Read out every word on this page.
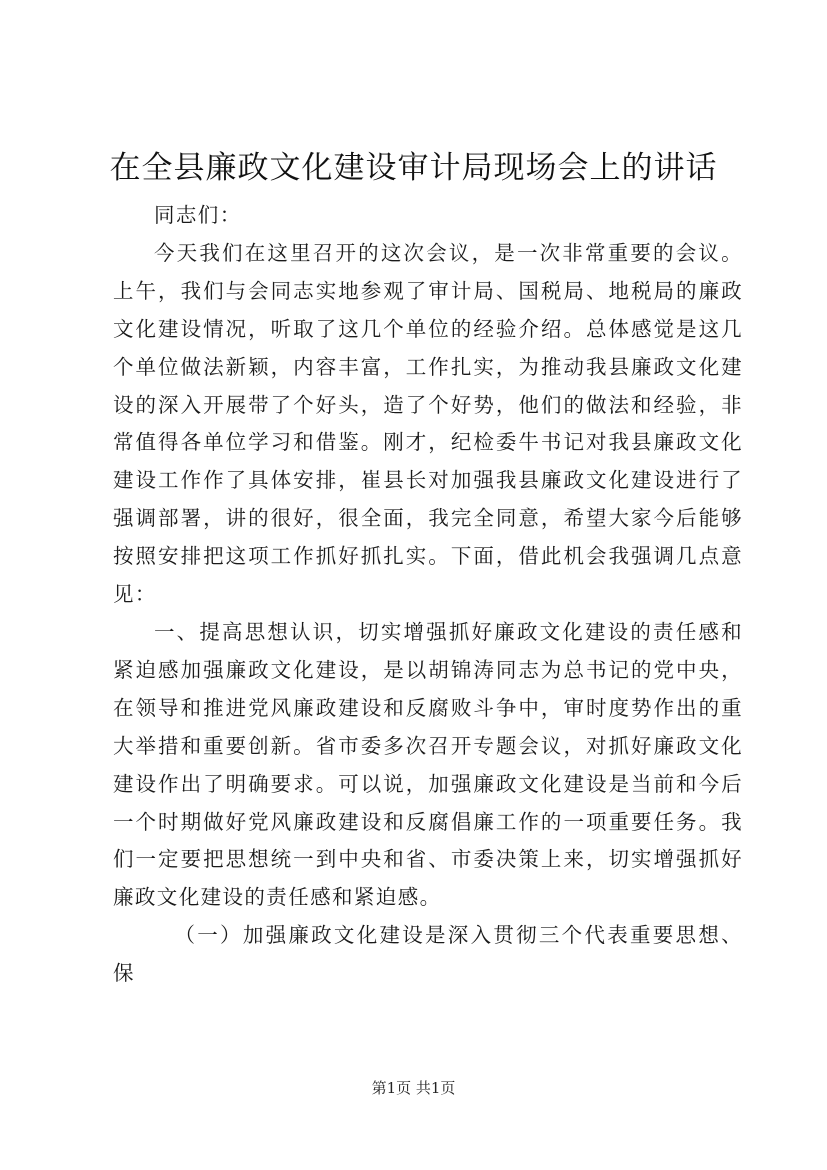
在全县廉政文化建设审计局现场会上的讲话

同志们：

今天我们在这里召开的这次会议，是一次非常重要的会议。上午，我们与会同志实地参观了审计局、国税局、地税局的廉政文化建设情况，听取了这几个单位的经验介绍。总体感觉是这几个单位做法新颖，内容丰富，工作扎实，为推动我县廉政文化建设的深入开展带了个好头，造了个好势，他们的做法和经验，非常值得各单位学习和借鉴。刚才，纪检委牛书记对我县廉政文化建设工作作了具体安排，崔县长对加强我县廉政文化建设进行了强调部署，讲的很好，很全面，我完全同意，希望大家今后能够按照安排把这项工作抓好抓扎实。下面，借此机会我强调几点意见：

一、提高思想认识，切实增强抓好廉政文化建设的责任感和紧迫感加强廉政文化建设，是以胡锦涛同志为总书记的党中央，在领导和推进党风廉政建设和反腐败斗争中，审时度势作出的重大举措和重要创新。省市委多次召开专题会议，对抓好廉政文化建设作出了明确要求。可以说，加强廉政文化建设是当前和今后一个时期做好党风廉政建设和反腐倡廉工作的一项重要任务。我们一定要把思想统一到中央和省、市委决策上来，切实增强抓好廉政文化建设的责任感和紧迫感。

（一）加强廉政文化建设是深入贯彻三个代表重要思想、保

第1页 共1页
